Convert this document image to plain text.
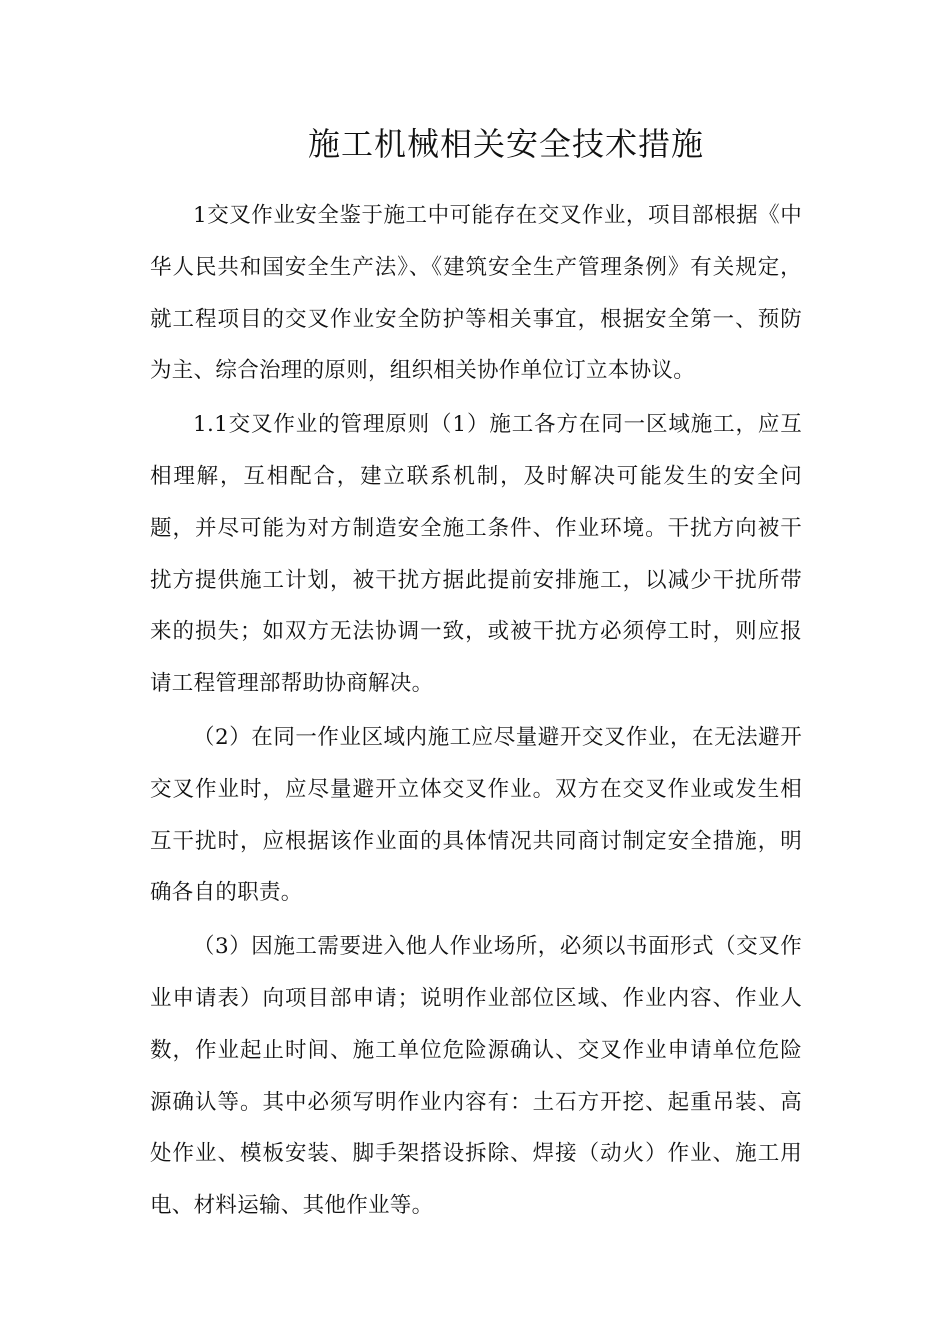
施工机械相关安全技术措施

1交叉作业安全鉴于施工中可能存在交叉作业，项目部根据《中华人民共和国安全生产法》、《建筑安全生产管理条例》有关规定，就工程项目的交叉作业安全防护等相关事宜，根据安全第一、预防为主、综合治理的原则，组织相关协作单位订立本协议。

1.1交叉作业的管理原则（1）施工各方在同一区域施工，应互相理解，互相配合，建立联系机制，及时解决可能发生的安全问题，并尽可能为对方制造安全施工条件、作业环境。干扰方向被干扰方提供施工计划，被干扰方据此提前安排施工，以减少干扰所带来的损失；如双方无法协调一致，或被干扰方必须停工时，则应报请工程管理部帮助协商解决。

（2）在同一作业区域内施工应尽量避开交叉作业，在无法避开交叉作业时，应尽量避开立体交叉作业。双方在交叉作业或发生相互干扰时，应根据该作业面的具体情况共同商讨制定安全措施，明确各自的职责。

（3）因施工需要进入他人作业场所，必须以书面形式（交叉作业申请表）向项目部申请；说明作业部位区域、作业内容、作业人数，作业起止时间、施工单位危险源确认、交叉作业申请单位危险源确认等。其中必须写明作业内容有：土石方开挖、起重吊装、高处作业、模板安装、脚手架搭设拆除、焊接（动火）作业、施工用电、材料运输、其他作业等。
